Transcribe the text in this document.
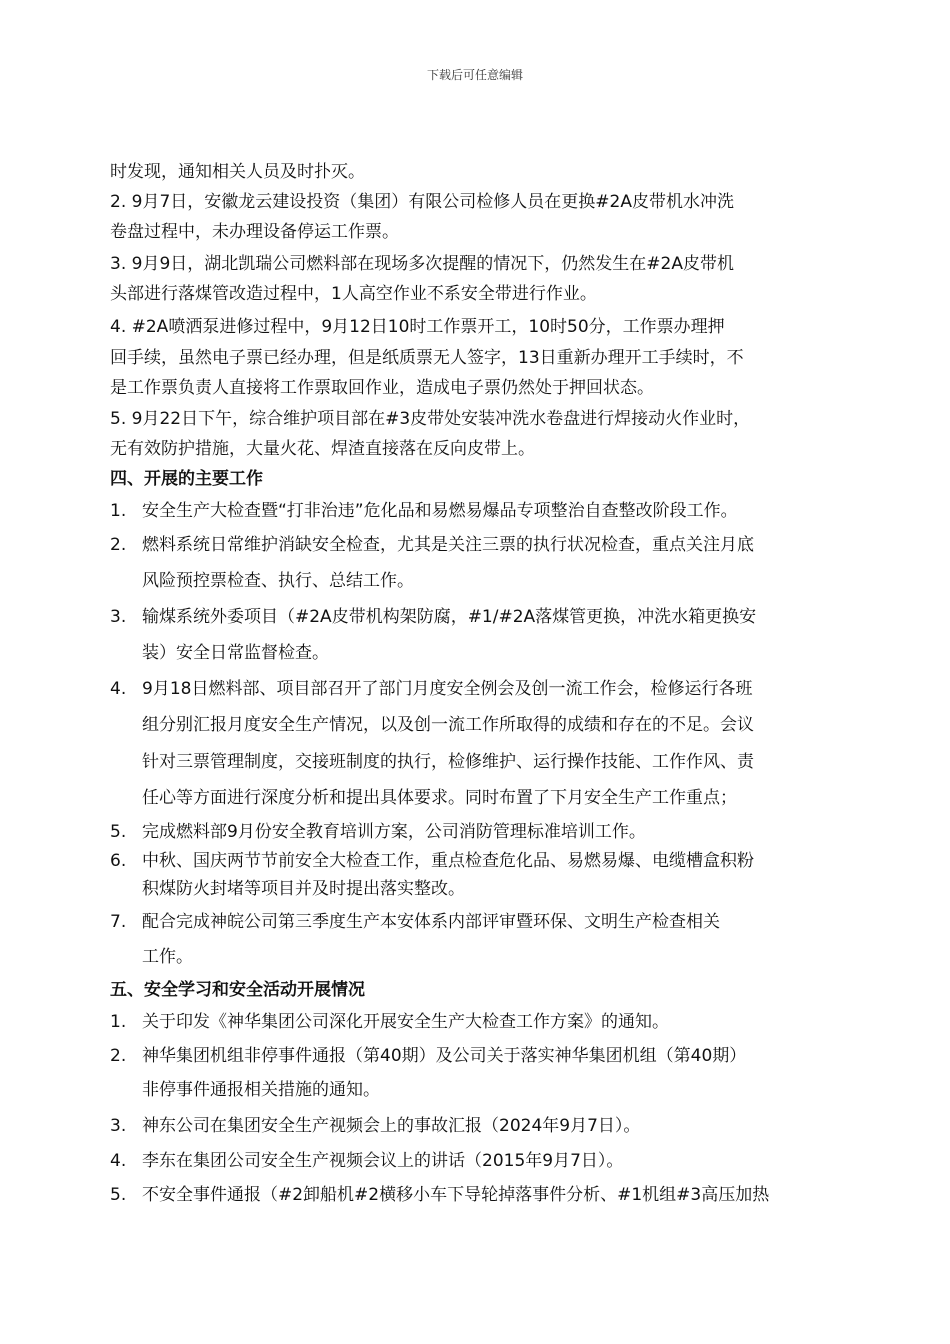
下载后可任意编辑
时发现，通知相关人员及时扑灭。
2. 9月7日，安徽龙云建设投资（集团）有限公司检修人员在更换#2A皮带机水冲洗
卷盘过程中，未办理设备停运工作票。
3. 9月9日，湖北凯瑞公司燃料部在现场多次提醒的情况下，仍然发生在#2A皮带机
头部进行落煤管改造过程中，1人高空作业不系安全带进行作业。
4. #2A喷洒泵进修过程中，9月12日10时工作票开工，10时50分，工作票办理押
回手续，虽然电子票已经办理，但是纸质票无人签字，13日重新办理开工手续时，不
是工作票负责人直接将工作票取回作业，造成电子票仍然处于押回状态。
5. 9月22日下午，综合维护项目部在#3皮带处安装冲洗水卷盘进行焊接动火作业时，
无有效防护措施，大量火花、焊渣直接落在反向皮带上。
四、开展的主要工作
1. 安全生产大检查暨“打非治违”危化品和易燃易爆品专项整治自查整改阶段工作。
2. 燃料系统日常维护消缺安全检查，尤其是关注三票的执行状况检查，重点关注月底
风险预控票检查、执行、总结工作。
3. 输煤系统外委项目（#2A皮带机构架防腐，#1/#2A落煤管更换，冲洗水箱更换安
装）安全日常监督检查。
4. 9月18日燃料部、项目部召开了部门月度安全例会及创一流工作会，检修运行各班
组分别汇报月度安全生产情况，以及创一流工作所取得的成绩和存在的不足。会议
针对三票管理制度，交接班制度的执行，检修维护、运行操作技能、工作作风、责
任心等方面进行深度分析和提出具体要求。同时布置了下月安全生产工作重点；
5. 完成燃料部9月份安全教育培训方案，公司消防管理标准培训工作。
6. 中秋、国庆两节节前安全大检查工作，重点检查危化品、易燃易爆、电缆槽盒积粉
积煤防火封堵等项目并及时提出落实整改。
7. 配合完成神皖公司第三季度生产本安体系内部评审暨环保、文明生产检查相关
工作。
五、安全学习和安全活动开展情况
1. 关于印发《神华集团公司深化开展安全生产大检查工作方案》的通知。
2. 神华集团机组非停事件通报（第40期）及公司关于落实神华集团机组（第40期）
非停事件通报相关措施的通知。
3. 神东公司在集团安全生产视频会上的事故汇报（2024年9月7日）。
4. 李东在集团公司安全生产视频会议上的讲话（2015年9月7日）。
5. 不安全事件通报（#2卸船机#2横移小车下导轮掉落事件分析、#1机组#3高压加热
